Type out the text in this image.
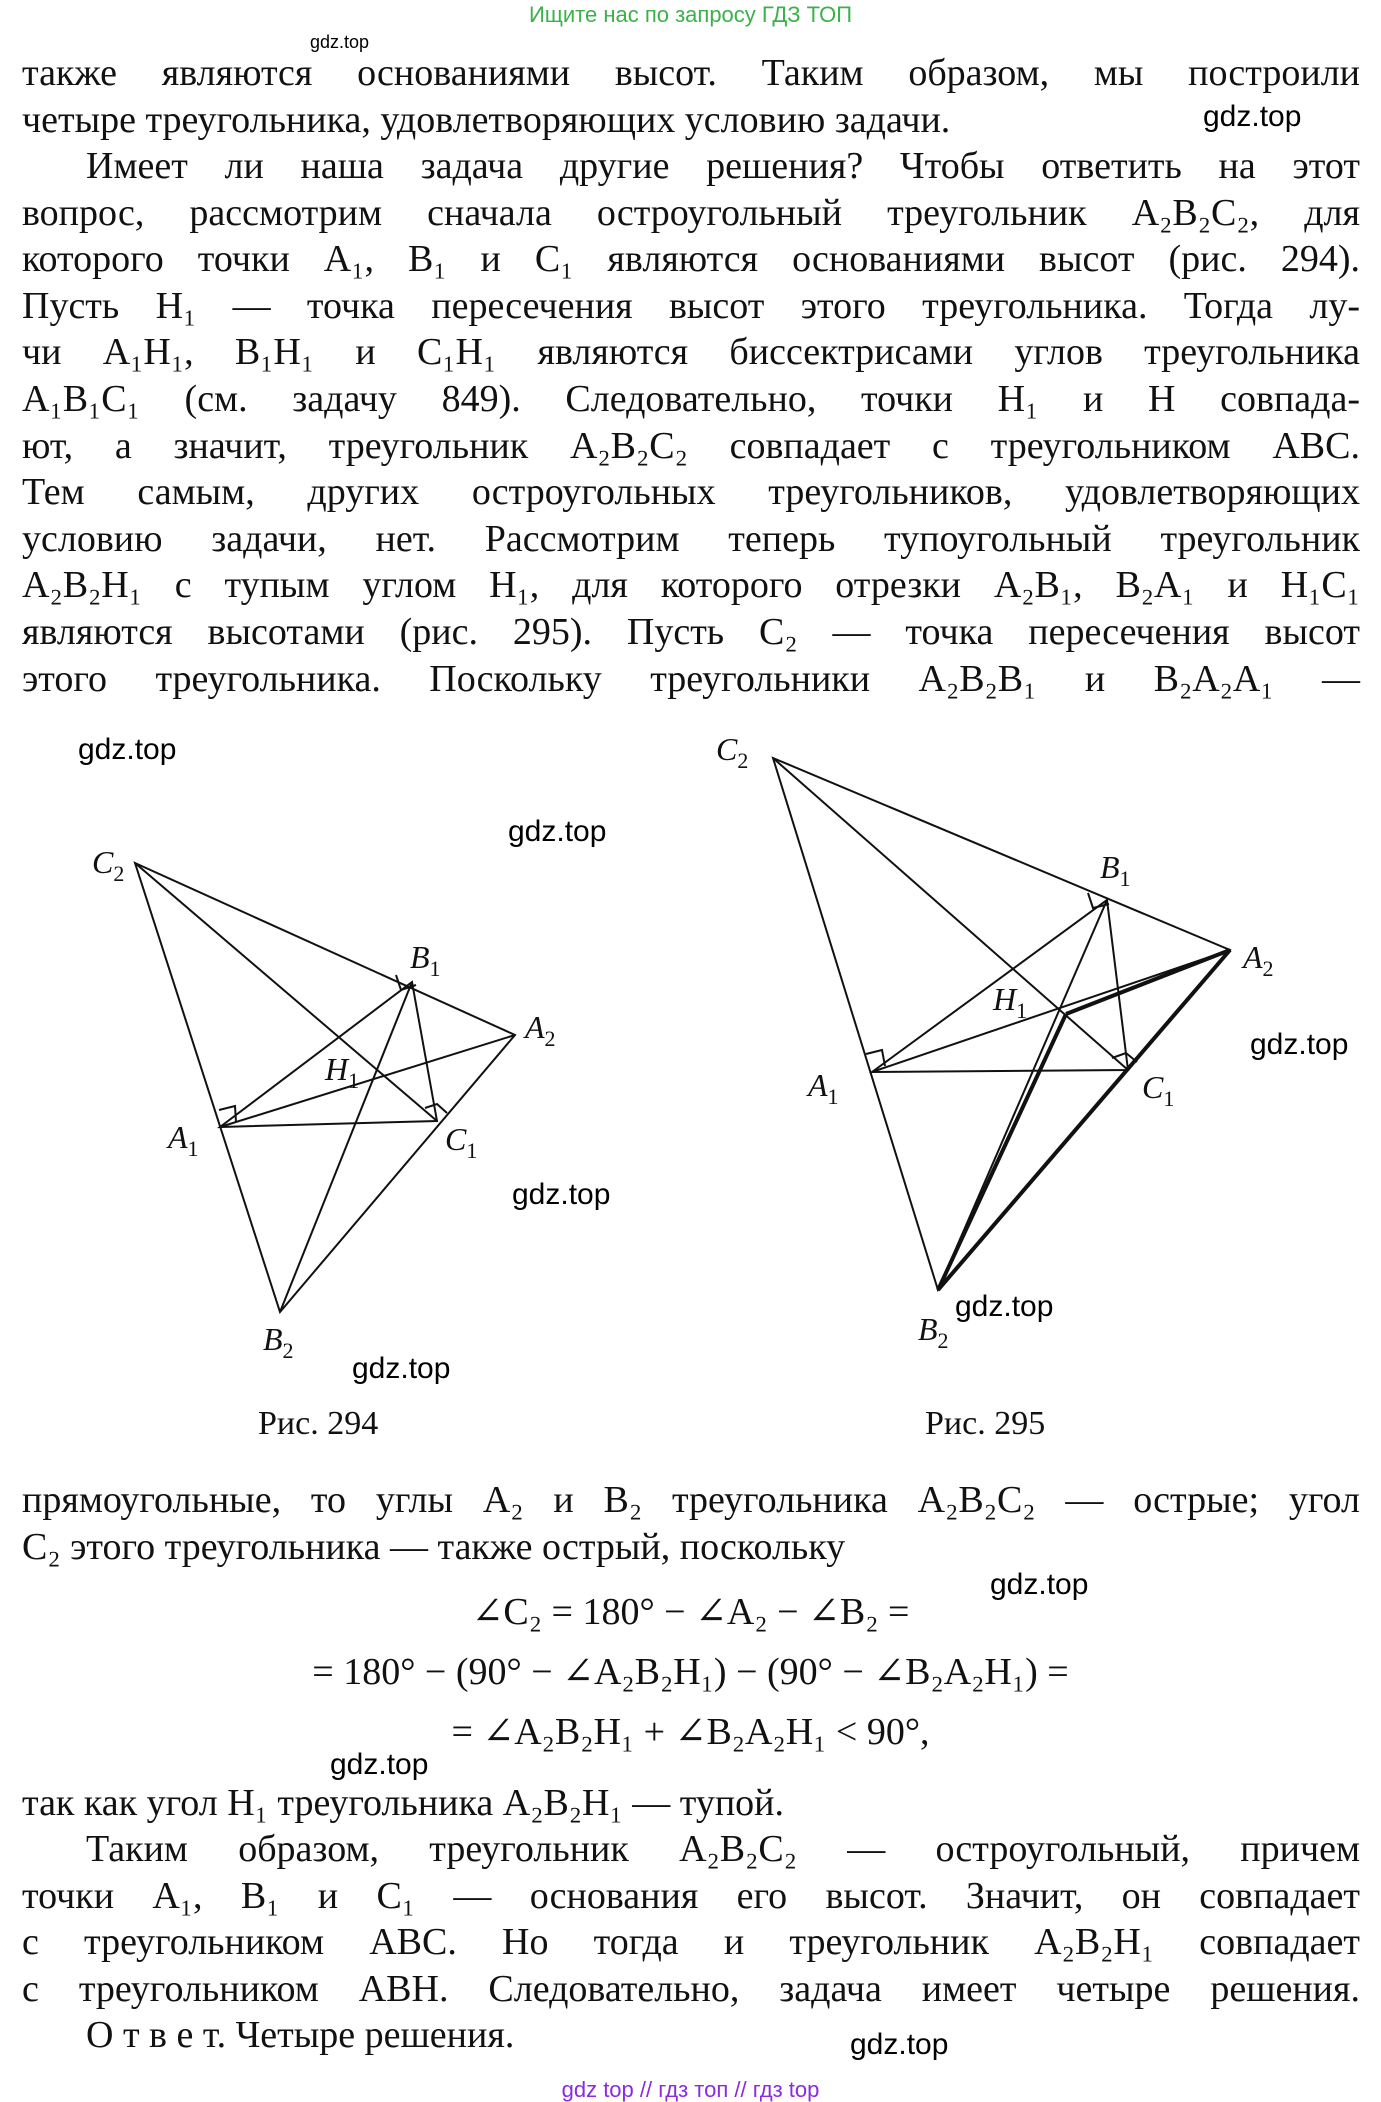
Ищите нас по запросу ГДЗ ТОП
gdz.top

также являются основаниями высот. Таким образом, мы построили

четыре треугольника, удовлетворяющих условию задачи.	gdz.top

Имеет ли наша задача другие решения? Чтобы ответить на этот

вопрос, рассмотрим сначала остроугольный треугольник A₂B₂C₂, для

которого точки A₁, B₁ и C₁ являются основаниями высот (рис. 294).

Пусть H₁ — точка пересечения высот этого треугольника. Тогда лу-

чи A₁H₁, B₁H₁ и C₁H₁ являются биссектрисами углов треугольника

A₁B₁C₁ (см. задачу 849). Следовательно, точки H₁ и H совпада-

ют, а значит, треугольник A₂B₂C₂ совпадает с треугольником ABC.

Тем самым, других остроугольных треугольников, удовлетворяющих

условию задачи, нет. Рассмотрим теперь тупоугольный треугольник

A₂B₂H₁ с тупым углом H₁, для которого отрезки A₂B₁, B₂A₁ и H₁C₁

являются высотами (рис. 295). Пусть C₂ — точка пересечения высот

этого треугольника. Поскольку треугольники A₂B₂B₁ и B₂A₂A₁ —

gdz.top
gdz.top
gdz.top
gdz.top
gdz.top
gdz.top
$C_2$
$B_1$
$A_2$
$H_1$
$A_1$	$C_1$
$B_2$
$C_2$
$B_1$
$A_2$
$H_1$
$A_1$	$C_1$
$B_2$
Рис. 294	Рис. 295

прямоугольные, то углы A₂ и B₂ треугольника A₂B₂C₂ — острые; угол

C₂ этого треугольника — также острый, поскольку

gdz.top
∠C₂ = 180° − ∠A₂ − ∠B₂ =
= 180° − (90° − ∠A₂B₂H₁) − (90° − ∠B₂A₂H₁) =
= ∠A₂B₂H₁ + ∠B₂A₂H₁ < 90°,
gdz.top

так как угол H₁ треугольника A₂B₂H₁ — тупой.

Таким образом, треугольник A₂B₂C₂ — остроугольный, причем

точки A₁, B₁ и C₁ — основания его высот. Значит, он совпадает

с треугольником ABC. Но тогда и треугольник A₂B₂H₁ совпадает

с треугольником ABH. Следовательно, задача имеет четыре решения.

О т в е т. Четыре решения.	gdz.top
gdz top // гдз топ // гдз top
